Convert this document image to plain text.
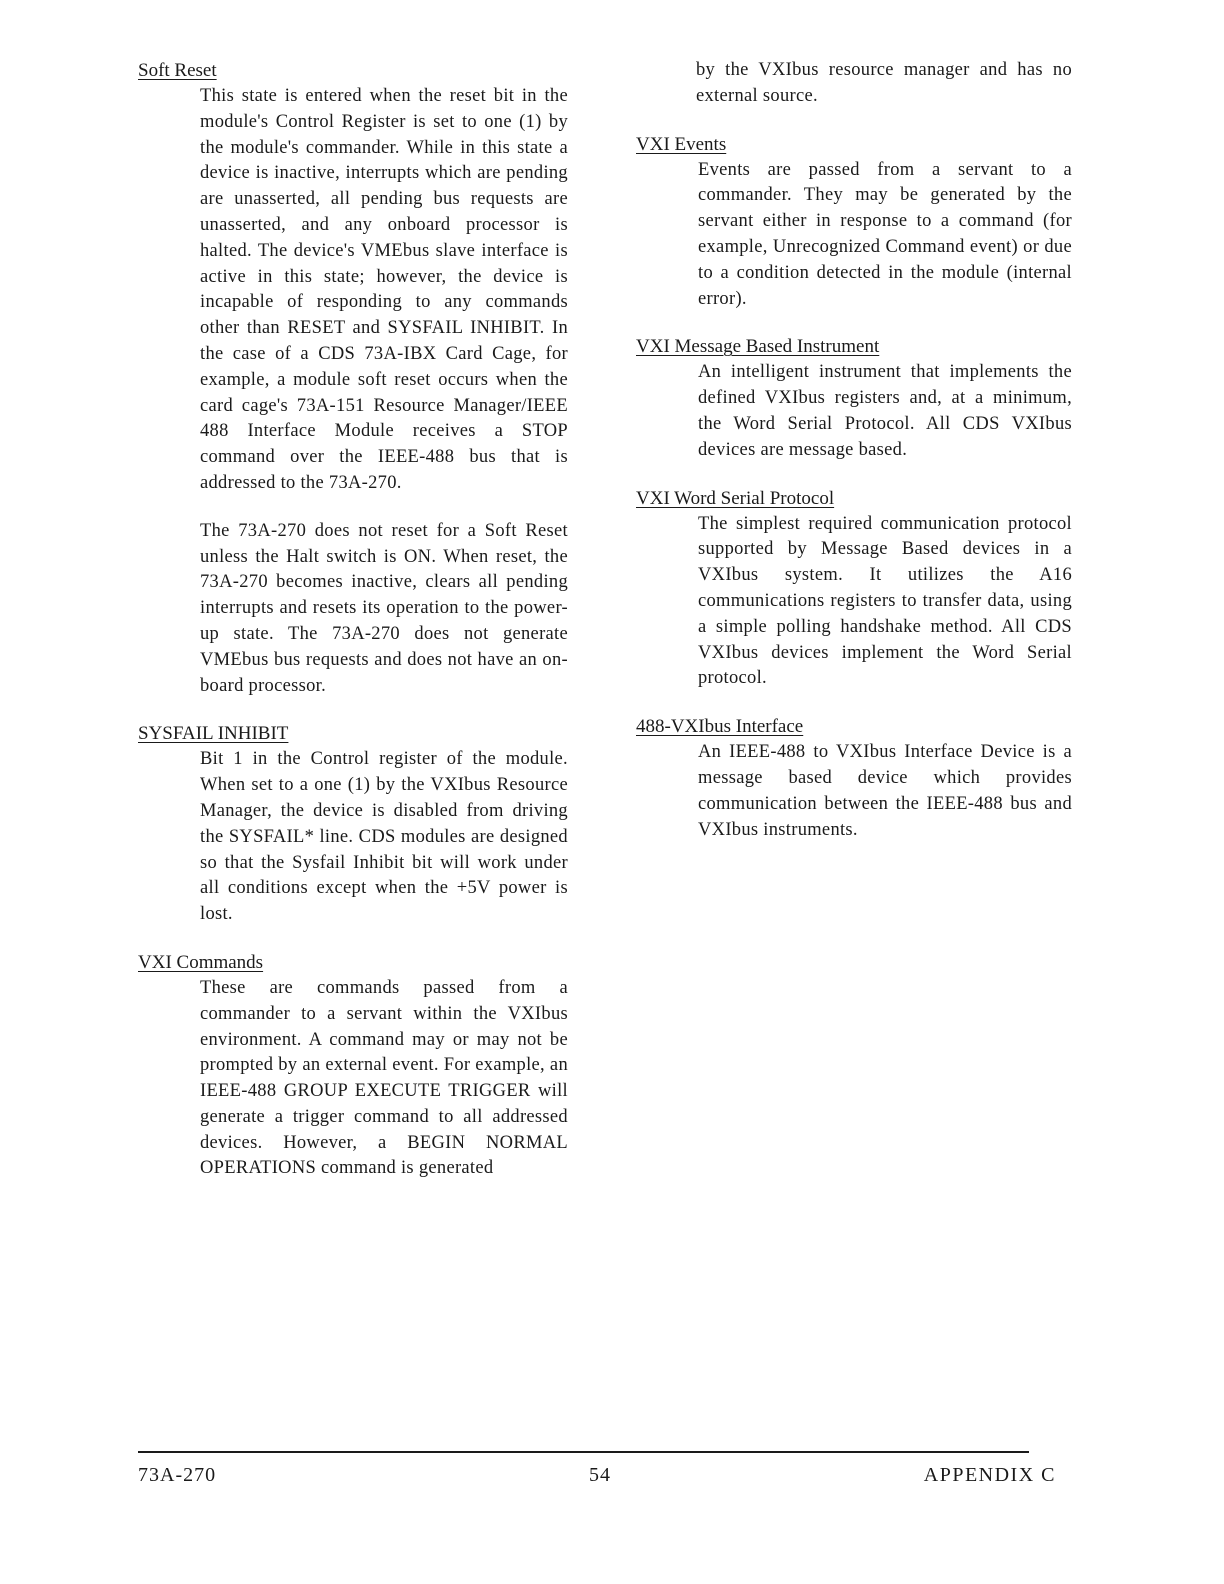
Soft Reset

This state is entered when the reset bit in the module's Control Register is set to one (1) by the module's commander. While in this state a device is inactive, interrupts which are pending are unasserted, all pending bus requests are unasserted, and any onboard processor is halted. The device's VMEbus slave interface is active in this state; however, the device is incapable of responding to any commands other than RESET and SYSFAIL INHIBIT. In the case of a CDS 73A-IBX Card Cage, for example, a module soft reset occurs when the card cage's 73A-151 Resource Manager/IEEE 488 Interface Module receives a STOP command over the IEEE-488 bus that is addressed to the 73A-270.

The 73A-270 does not reset for a Soft Reset unless the Halt switch is ON. When reset, the 73A-270 becomes inactive, clears all pending interrupts and resets its operation to the power-up state. The 73A-270 does not generate VMEbus bus requests and does not have an on-board processor.

SYSFAIL INHIBIT

Bit 1 in the Control register of the module. When set to a one (1) by the VXIbus Resource Manager, the device is disabled from driving the SYSFAIL* line. CDS modules are designed so that the Sysfail Inhibit bit will work under all conditions except when the +5V power is lost.

VXI Commands

These are commands passed from a commander to a servant within the VXIbus environment. A command may or may not be prompted by an external event. For example, an IEEE-488 GROUP EXECUTE TRIGGER will generate a trigger command to all addressed devices. However, a BEGIN NORMAL OPERATIONS command is generated

by the VXIbus resource manager and has no external source.

VXI Events

Events are passed from a servant to a commander. They may be generated by the servant either in response to a command (for example, Unrecognized Command event) or due to a condition detected in the module (internal error).

VXI Message Based Instrument

An intelligent instrument that implements the defined VXIbus registers and, at a minimum, the Word Serial Protocol. All CDS VXIbus devices are message based.

VXI Word Serial Protocol

The simplest required communication protocol supported by Message Based devices in a VXIbus system. It utilizes the A16 communications registers to transfer data, using a simple polling handshake method. All CDS VXIbus devices implement the Word Serial protocol.

488-VXIbus Interface

An IEEE-488 to VXIbus Interface Device is a message based device which provides communication between the IEEE-488 bus and VXIbus instruments.

73A-270	54	APPENDIX C
